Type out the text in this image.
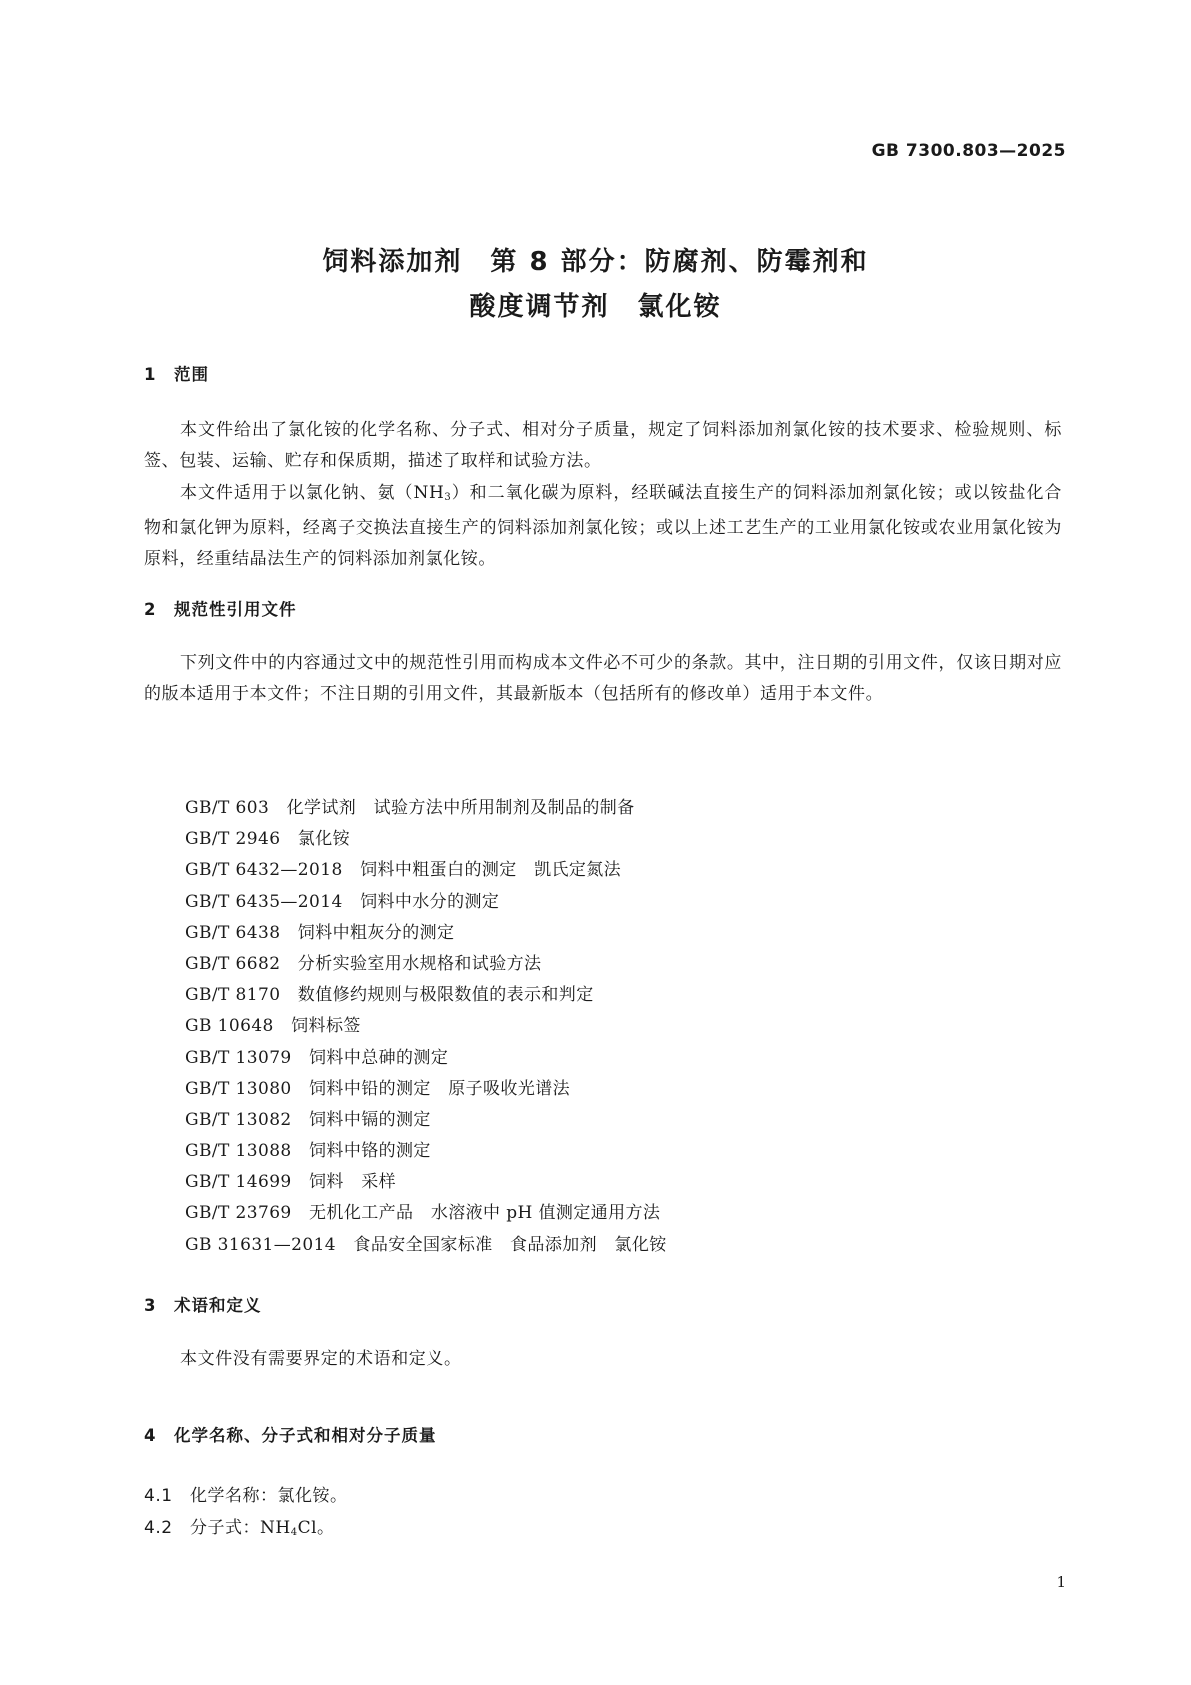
GB 7300.803—2025
饲料添加剂　第 8 部分：防腐剂、防霉剂和
酸度调节剂　氯化铵
1 范围
本文件给出了氯化铵的化学名称、分子式、相对分子质量，规定了饲料添加剂氯化铵的技术要求、检验规则、标签、包装、运输、贮存和保质期，描述了取样和试验方法。
本文件适用于以氯化钠、氨$(NH_3)$和二氧化碳为原料，经联碱法直接生产的饲料添加剂氯化铵；或以铵盐化合物和氯化钾为原料，经离子交换法直接生产的饲料添加剂氯化铵；或以上述工艺生产的工业用氯化铵或农业用氯化铵为原料，经重结晶法生产的饲料添加剂氯化铵。
2 规范性引用文件
下列文件中的内容通过文中的规范性引用而构成本文件必不可少的条款。其中，注日期的引用文件，仅该日期对应的版本适用于本文件；不注日期的引用文件，其最新版本（包括所有的修改单）适用于本文件。
GB/T 603　化学试剂　试验方法中所用制剂及制品的制备
GB/T 2946　氯化铵
GB/T 6432—2018　饲料中粗蛋白的测定　凯氏定氮法
GB/T 6435—2014　饲料中水分的测定
GB/T 6438　饲料中粗灰分的测定
GB/T 6682　分析实验室用水规格和试验方法
GB/T 8170　数值修约规则与极限数值的表示和判定
GB 10648　饲料标签
GB/T 13079　饲料中总砷的测定
GB/T 13080　饲料中铅的测定　原子吸收光谱法
GB/T 13082　饲料中镉的测定
GB/T 13088　饲料中铬的测定
GB/T 14699　饲料　采样
GB/T 23769　无机化工产品　水溶液中 pH 值测定通用方法
GB 31631—2014　食品安全国家标准　食品添加剂　氯化铵
3 术语和定义
本文件没有需要界定的术语和定义。
4 化学名称、分子式和相对分子质量
4.1 化学名称：氯化铵。
4.2 分子式：$NH_4Cl$。
1
